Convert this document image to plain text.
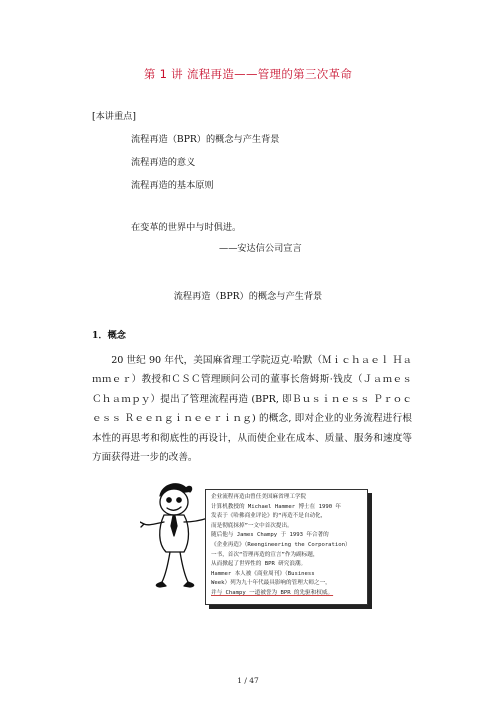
第 1 讲 流程再造——管理的第三次革命
[本讲重点]
流程再造（BPR）的概念与产生背景
流程再造的意义
流程再造的基本原则
在变革的世界中与时俱进。
——安达信公司宣言
流程再造（BPR）的概念与产生背景
1．概念
20 世纪 90 年代，美国麻省理工学院迈克·哈默（Ｍｉｃｈａｅｌ Ｈａｍｍｅｒ）教授和ＣＳＣ管理顾问公司的董事长詹姆斯·钱皮（Ｊａｍｅｓ Ｃｈａｍｐｙ）提出了管理流程再造 (BPR, 即Ｂｕｓｉｎｅｓｓ Ｐｒｏｃｅｓｓ Ｒｅｅｎｇｉｎｅｅｒｉｎｇ) 的概念, 即对企业的业务流程进行根本性的再思考和彻底性的再设计，从而使企业在成本、质量、服务和速度等方面获得进一步的改善。
企业流程再造由曾任美国麻省理工学院
计算机教授的 Michael Hammer 博士在 1990 年
发表于《哈佛商业评论》的“再造不是自动化，
而是彻底抹掉”一文中首次提出。
随后他与 James Champy 于 1993 年合著的
《企业再造》（Reengineering the Corporation）
一书，首次“管理再造的宣言”作为副标题，
从而掀起了世界性的 BPR 研究浪潮。
Hammer 本人被《商业周刊》（Business
Week）列为九十年代最具影响的管理大师之一，
并与 Champy 一道被誉为 BPR 的先驱和权威。
1 / 47
